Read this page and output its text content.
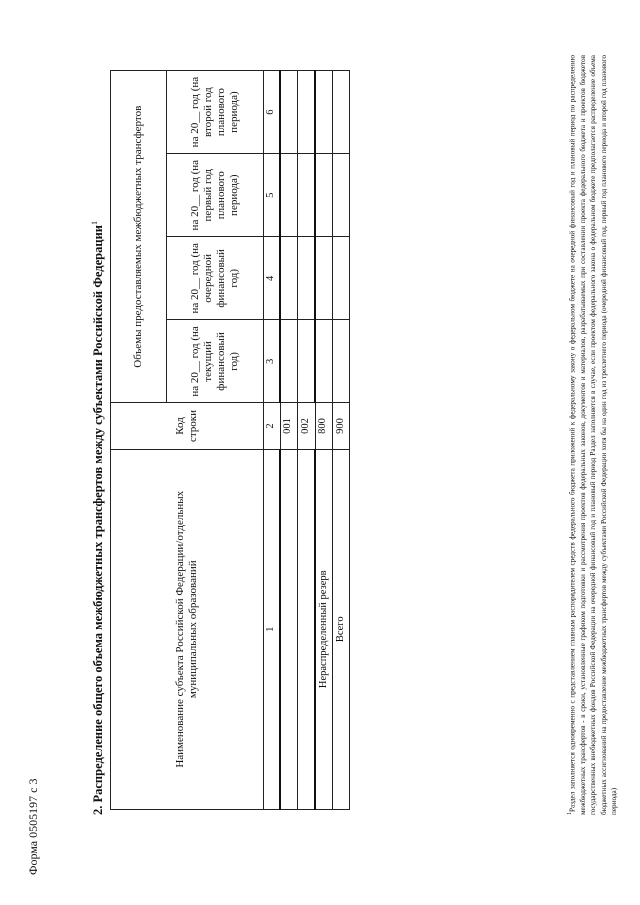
Форма 0505197 с 3
2. Распределение общего объема межбюджетных трансфертов между субъектами Российской Федерации$^1$
Наименование субъекта Российской Федерации/отдельных муниципальных образований	Код строки	Объемы предоставляемых межбюджетных трансфертов			
		на 20__ год (на текущий финансовый год)	на 20__ год (на очередной финансовый год)	на 20__ год (на первый год планового периода)	на 20__ год (на второй год планового периода)
1	2	3	4	5	6
	001				
	002				
Нераспределенный резерв	800				
Всего	900				
$^1$Раздел заполняется одновременно с представлением главным распорядителем средств федерального бюджета приложений к федеральному закону о федеральном бюджете на очередной финансовый год и плановый период по распределению межбюджетных трансфертов - в сроки, установленные графиком подготовки и рассмотрения проектов федеральных законов, документов и материалов, разрабатываемых при составлении проекта федерального бюджета и проектов бюджетов государственных внебюджетных фондов Российской Федерации на очередной финансовый год и плановый период Раздел заполняется в случае, если проектом федерального закона о федеральном бюджете предполагается распределение объема бюджетных ассигнований на предоставление межбюджетных трансфертов между субъектами Российской Федерации хотя бы на один год из трехлетнего периода (очередной финансовый год, первый год планового периода и второй год планового периода)
